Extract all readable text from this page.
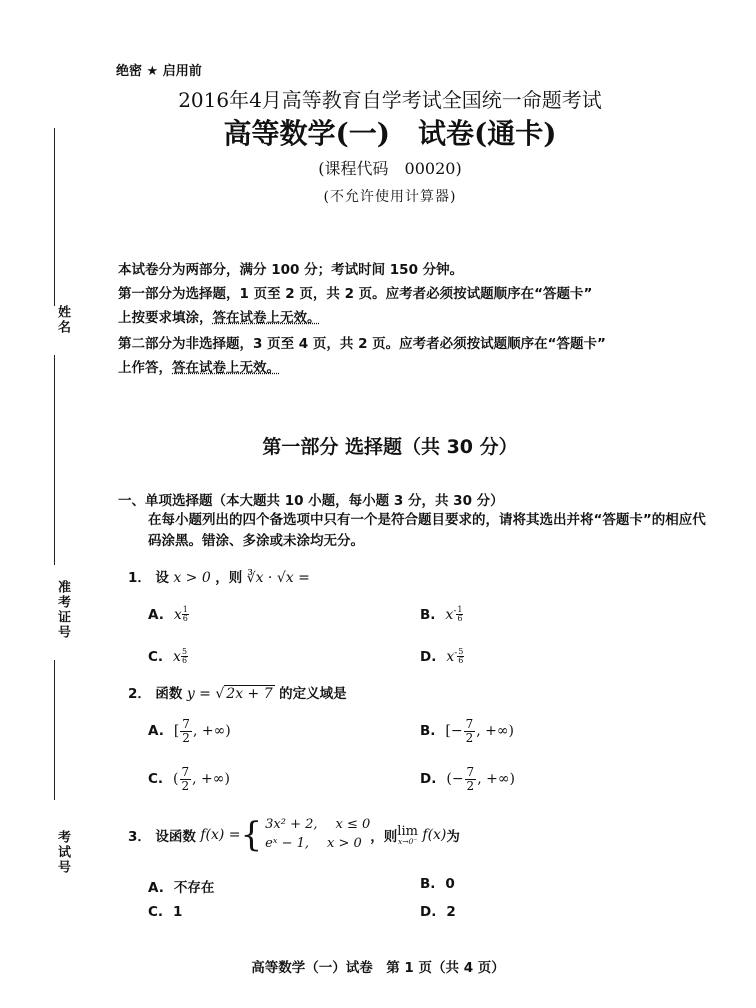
姓名
准考证号
考试号
绝密 ★ 启用前
2016年4月高等教育自学考试全国统一命题考试
高等数学(一)　试卷(通卡)
(课程代码　00020)
(不允许使用计算器)
本试卷分为两部分，满分 100 分；考试时间 150 分钟。
第一部分为选择题，1 页至 2 页，共 2 页。应考者必须按试题顺序在“答题卡”
上按要求填涂，答在试卷上无效。
第二部分为非选择题，3 页至 4 页，共 2 页。应考者必须按试题顺序在“答题卡”
上作答，答在试卷上无效。
第一部分 选择题（共 30 分）
一、单项选择题（本大题共 10 小题，每小题 3 分，共 30 分）
在每小题列出的四个备选项中只有一个是符合题目要求的，请将其选出并将“答题卡”的相应代码涂黑。错涂、多涂或未涂均无分。
1． 设 x > 0 ，则 ∛x · √x =
A. x $\frac{1}{6}$	B. $x^- \frac{1}{6}$
C. x $\frac{5}{6}$	D. $x^- \frac{5}{6}$
2． 函数 y = √ 2x + 7 的定义域是
A. [ $\frac{7}{2}$ , +∞)	B. [− $\frac{7}{2}$ , +∞)
C. ( $\frac{7}{2}$ , +∞)	D. (− $\frac{7}{2}$ , +∞)
3．
设函数
f(x) = { 3x² + 2, x ≤ 0
eˣ − 1, x > 0 ，则 lim
x→0⁻
f(x) 为
A. 不存在	B. 0
C. 1	D. 2
高等数学（一）试卷　第 1 页（共 4 页）
